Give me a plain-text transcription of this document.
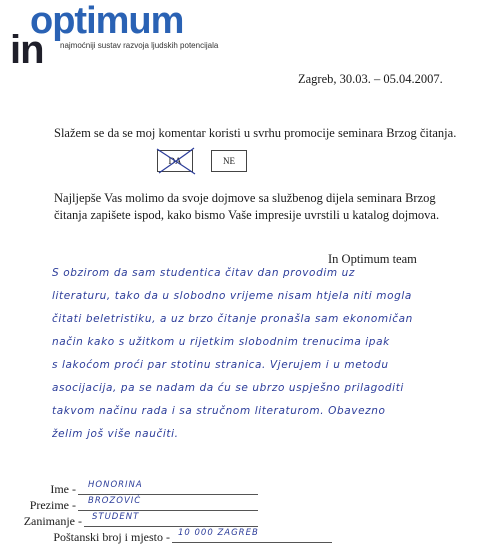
optimum
in najmoćniji sustav razvoja ljudskih potencijala
Zagreb, 30.03. – 05.04.2007.
Slažem se da se moj komentar koristi u svrhu promocije seminara Brzog čitanja.
DA	NE
Najljepše Vas molimo da svoje dojmove sa službenog dijela seminara Brzog
čitanja zapišete ispod, kako bismo Vaše impresije uvrstili u katalog dojmova.
In Optimum team
S obzirom da sam studentica čitav dan provodim uz
literaturu, tako da u slobodno vrijeme nisam htjela niti mogla
čitati beletristiku, a uz brzo čitanje pronašla sam ekonomičan
način kako s užitkom u rijetkim slobodnim trenucima ipak
s lakoćom proći par stotinu stranica. Vjerujem i u metodu
asocijacija, pa se nadam da ću se ubrzo uspješno prilagoditi
takvom načinu rada i sa stručnom literaturom. Obavezno
želim još više naučiti.
Ime - HONORINA
Prezime - BROZOVIĆ
Zanimanje - STUDENT
Poštanski broj i mjesto - 10 000 ZAGREB
